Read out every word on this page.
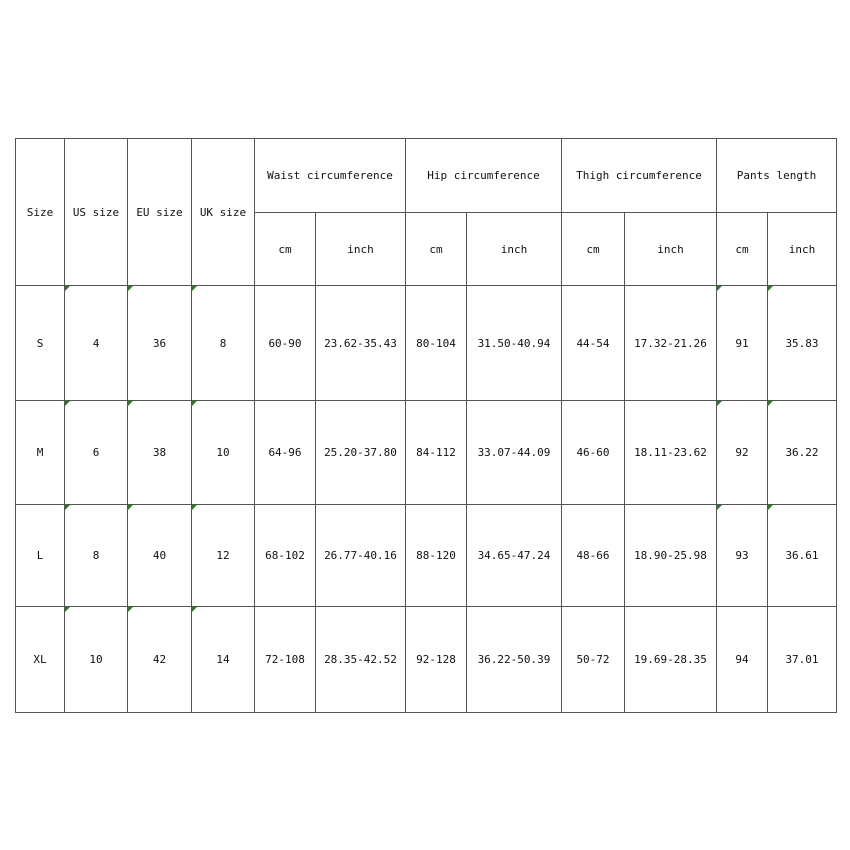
Size	US size	EU size	UK size	Waist circumference		Hip circumference		Thigh circumference		Pants length	
				cm	inch	cm	inch	cm	inch	cm	inch
S	4	36	8	60-90	23.62-35.43	80-104	31.50-40.94	44-54	17.32-21.26	91	35.83
M	6	38	10	64-96	25.20-37.80	84-112	33.07-44.09	46-60	18.11-23.62	92	36.22
L	8	40	12	68-102	26.77-40.16	88-120	34.65-47.24	48-66	18.90-25.98	93	36.61
XL	10	42	14	72-108	28.35-42.52	92-128	36.22-50.39	50-72	19.69-28.35	94	37.01
